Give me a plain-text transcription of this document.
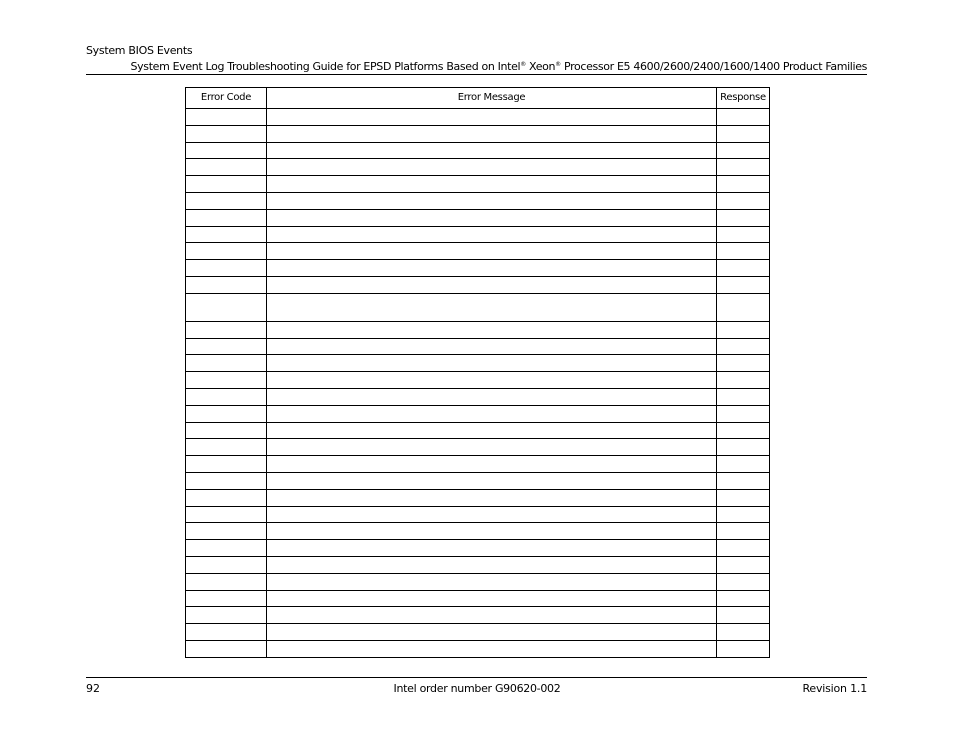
System BIOS Events
System Event Log Troubleshooting Guide for EPSD Platforms Based on Intel® Xeon® Processor E5 4600/2600/2400/1600/1400 Product Families
Error Code	Error Message	Response

92	Intel order number G90620-002	Revision 1.1
